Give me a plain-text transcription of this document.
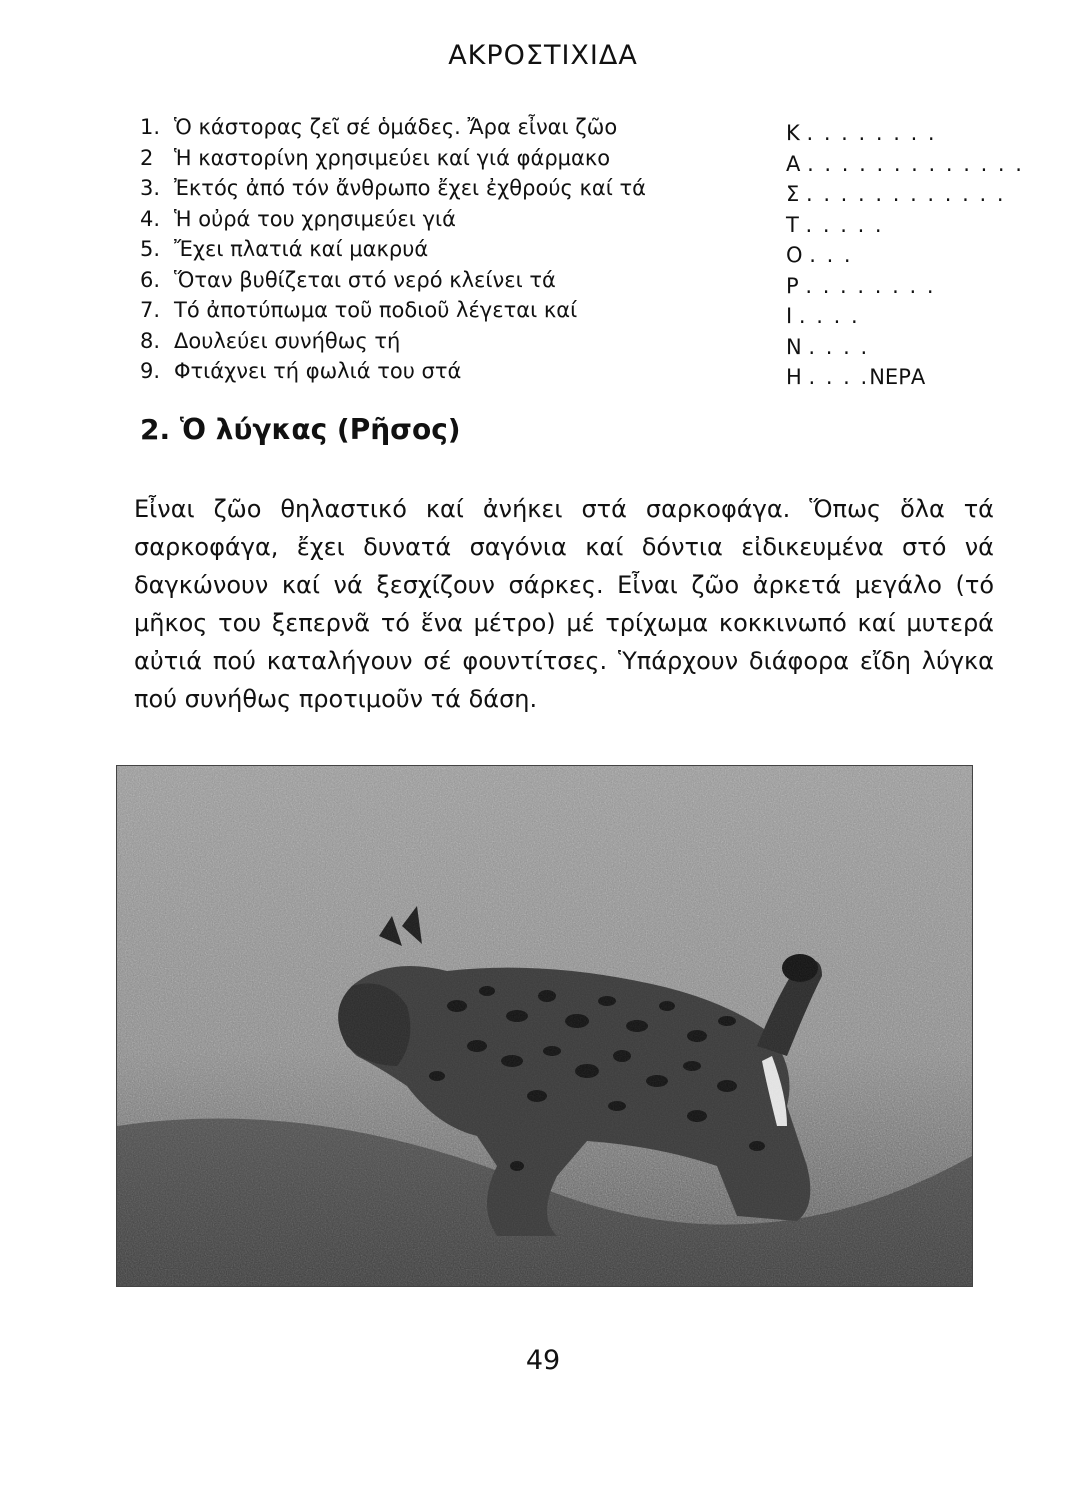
ΑΚΡΟΣΤΙΧΙΔΑ
1. Ὁ κάστορας ζεῖ σέ ὁμάδες. Ἄρα εἶναι ζῶο
2 Ἡ καστορίνη χρησιμεύει καί γιά φάρμακο
3. Ἐκτός ἀπό τόν ἄνθρωπο ἔχει ἐχθρούς καί τά
4. Ἡ οὐρά του χρησιμεύει γιά
5. Ἔχει πλατιά καί μακρυά
6. Ὅταν βυθίζεται στό νερό κλείνει τά
7. Τό ἀποτύπωμα τοῦ ποδιοῦ λέγεται καί
8. Δουλεύει συνήθως τή
9. Φτιάχνει τή φωλιά του στά
Κ . . . . . . . .
Α . . . . . . . . . . . . .
Σ . . . . . . . . . . . .
Τ . . . . .
Ο . . .
Ρ . . . . . . . .
Ι . . . .
Ν . . . .
Η . . . .ΝΕΡΑ
2. Ὁ λύγκας (Ρῆσος)
Εἶναι ζῶο θηλαστικό καί ἀνήκει στά σαρκοφάγα. Ὅπως ὅλα τά σαρκοφάγα, ἔχει δυνατά σαγόνια καί δόντια εἰδικευμένα στό νά δαγκώνουν καί νά ξεσχίζουν σάρκες. Εἶναι ζῶο ἀρκετά μεγάλο (τό μῆκος του ξεπερνᾶ τό ἕνα μέτρο) μέ τρίχωμα κοκκινωπό καί μυτερά αὐτιά πού καταλήγουν σέ φουντίτσες. Ὑπάρχουν διάφορα εἴδη λύγκα πού συνήθως προτιμοῦν τά δάση.
49
